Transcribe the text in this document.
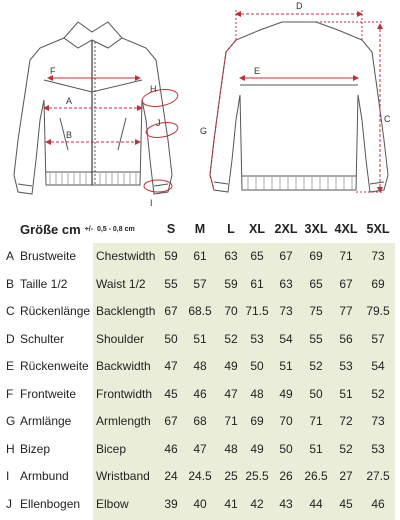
F
A
B
H
J
I
D
E
C
G
Größe cm +/- 0,5 - 0,8 cm	S	M	L	XL 2XL 3XL 4XL 5XL
A Brustweite Chestwidth 59	61	63	65	67	69	71	73
B Taille 1/2 Waist 1/2	55	57	59	61	63	65	67	69
C Rückenlänge Backlength 67 68.5	70 71.5 73	75	77	79.5
D Schulter	Shoulder	50	51	52	53	54	55	56	57
E Rückenweite Backwidth	47	48	49	50	51	52	53	54
F Frontweite Frontwidth	45	46	47	48	49	50	51	52
G Armlänge Armlength	67	68	71	69	70	71	72	73
H Bizep	Bicep	46	47	48	49	50	51	52	53
I Armbund Wristband	24 24.5	25 25.5 26 26.5 27	27.5
J Ellenbogen Elbow	39	40	41	42	43	44	45	46
